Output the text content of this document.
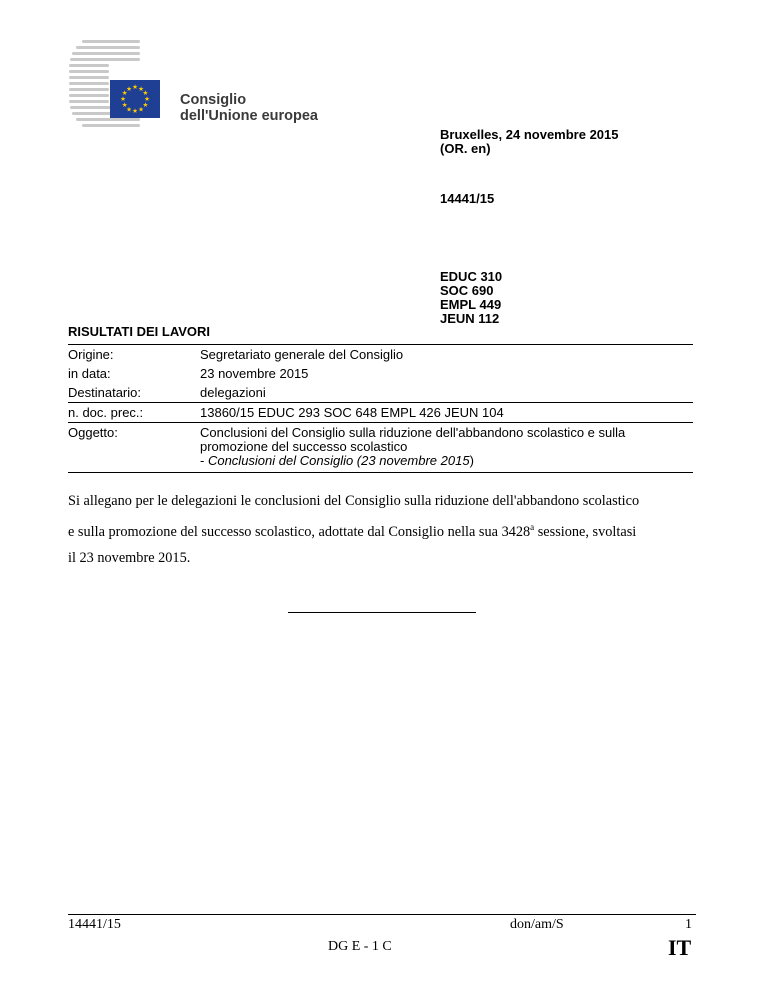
★ ★
★
★
★
★
★
★
★
★
★
★
Consiglio
dell'Unione europea
Bruxelles, 24 novembre 2015
(OR. en)
14441/15
EDUC 310
SOC 690
EMPL 449
JEUN 112
RISULTATI DEI LAVORI
Origine:	Segretariato generale del Consiglio
in data:	23 novembre 2015
Destinatario:	delegazioni
n. doc. prec.:	13860/15 EDUC 293 SOC 648 EMPL 426 JEUN 104
Oggetto:	Conclusioni del Consiglio sulla riduzione dell'abbandono scolastico e sulla
promozione del successo scolastico
- Conclusioni del Consiglio (23 novembre 2015)
Si allegano per le delegazioni le conclusioni del Consiglio sulla riduzione dell'abbandono scolastico
e sulla promozione del successo scolastico, adottate dal Consiglio nella sua 3428$^a$ sessione, svoltasi
il 23 novembre 2015.
14441/15	don/am/S	1
DG E - 1 C	IT
